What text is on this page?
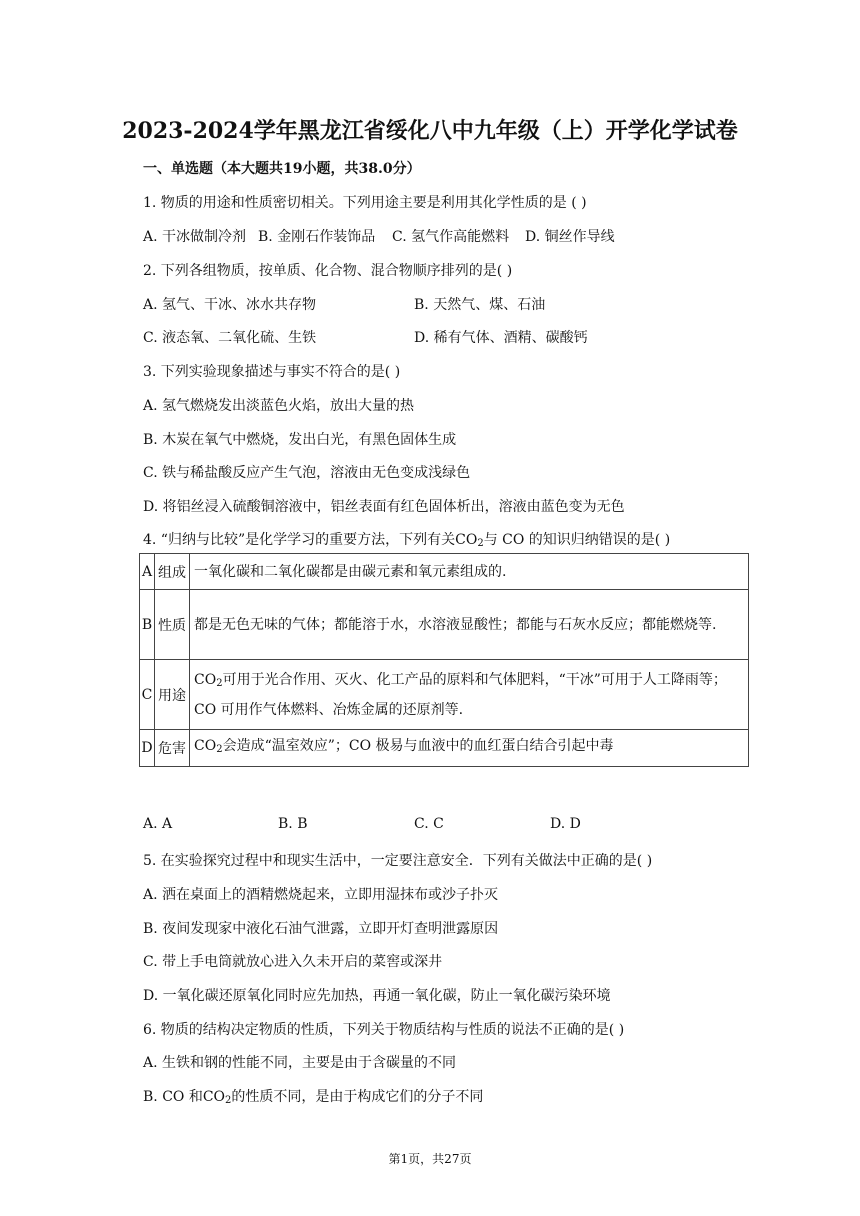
2023-2024学年黑龙江省绥化八中九年级（上）开学化学试卷
一、单选题（本大题共19小题，共38.0分）
1. 物质的用途和性质密切相关。下列用途主要是利用其化学性质的是 ( )
A. 干冰做制冷剂 B. 金刚石作装饰品 C. 氢气作高能燃料 D. 铜丝作导线
2. 下列各组物质，按单质、化合物、混合物顺序排列的是( )
A. 氢气、干冰、冰水共存物	B. 天然气、煤、石油
C. 液态氧、二氧化硫、生铁	D. 稀有气体、酒精、碳酸钙
3. 下列实验现象描述与事实不符合的是( )
A. 氢气燃烧发出淡蓝色火焰，放出大量的热
B. 木炭在氧气中燃烧，发出白光，有黑色固体生成
C. 铁与稀盐酸反应产生气泡，溶液由无色变成浅绿色
D. 将铝丝浸入硫酸铜溶液中，铝丝表面有红色固体析出，溶液由蓝色变为无色
4. “归纳与比较”是化学学习的重要方法，下列有关$CO_2$与 CO 的知识归纳错误的是( )
A	组成	一氧化碳和二氧化碳都是由碳元素和氧元素组成的.
B	性质	都是无色无味的气体；都能溶于水，水溶液显酸性；都能与石灰水反应；都能燃烧等.
C	用途	$CO_2$可用于光合作用、灭火、化工产品的原料和气体肥料，“干冰”可用于人工降雨等；CO 可用作气体燃料、冶炼金属的还原剂等.
D	危害	$CO_2$会造成“温室效应”；CO 极易与血液中的血红蛋白结合引起中毒
A. A	B. B	C. C	D. D
5. 在实验探究过程中和现实生活中，一定要注意安全．下列有关做法中正确的是( )
A. 洒在桌面上的酒精燃烧起来，立即用湿抹布或沙子扑灭
B. 夜间发现家中液化石油气泄露，立即开灯查明泄露原因
C. 带上手电筒就放心进入久未开启的菜窖或深井
D. 一氧化碳还原氧化同时应先加热，再通一氧化碳，防止一氧化碳污染环境
6. 物质的结构决定物质的性质，下列关于物质结构与性质的说法不正确的是( )
A. 生铁和钢的性能不同，主要是由于含碳量的不同
B. CO 和$CO_2$的性质不同，是由于构成它们的分子不同
第1页，共27页
